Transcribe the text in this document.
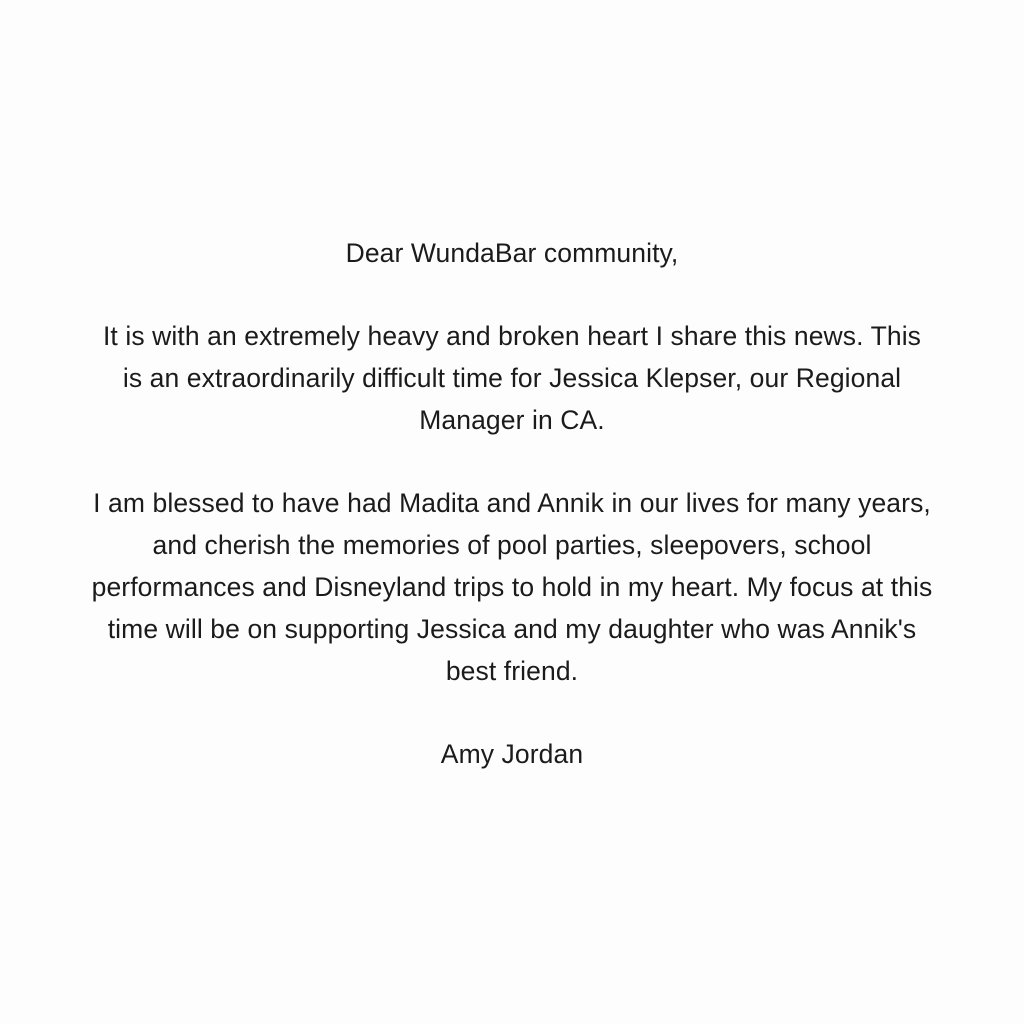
Dear WundaBar community,

It is with an extremely heavy and broken heart I share this news. This is an extraordinarily difficult time for Jessica Klepser, our Regional Manager in CA.

I am blessed to have had Madita and Annik in our lives for many years, and cherish the memories of pool parties, sleepovers, school performances and Disneyland trips to hold in my heart. My focus at this time will be on supporting Jessica and my daughter who was Annik's best friend.

Amy Jordan
